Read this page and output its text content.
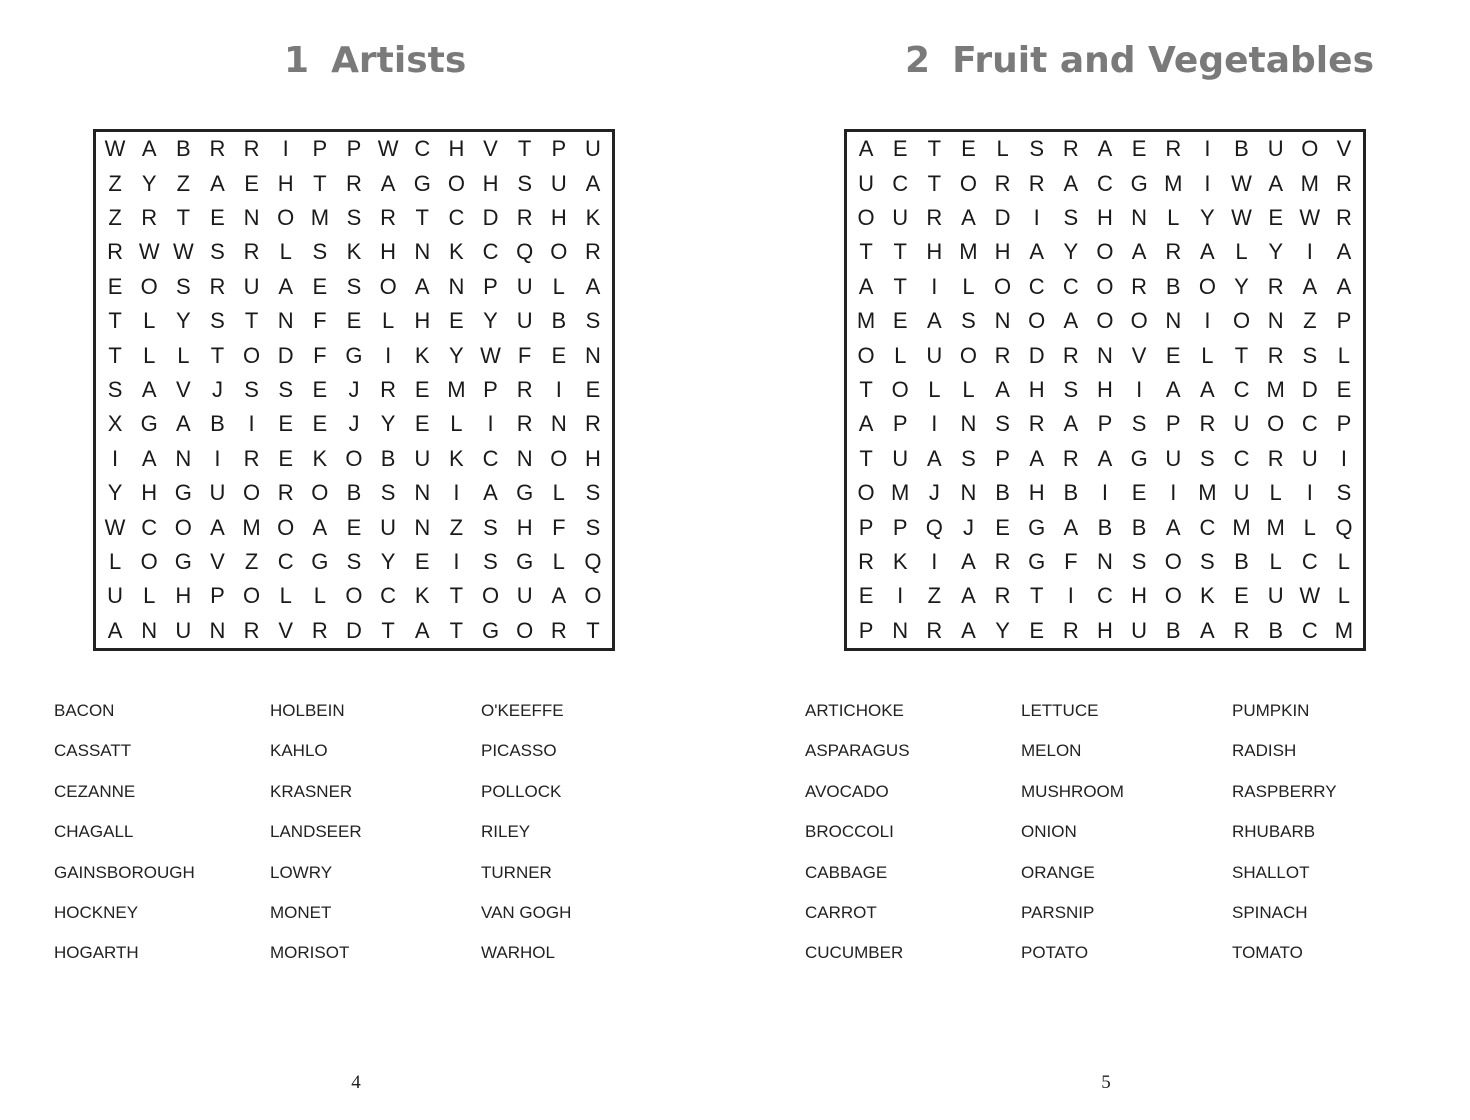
1 Artists
W A B R R	I	P P W C H V T P U
Z Y Z A E H T R A G O H S U A
Z R T E N O M S R T C D R H K
R W W S R L S K H N K C Q O R
E O S R U A E S O A N P U L A
T L Y S T N F E L H E Y U B S
T L L T O D F G	I	K Y W F E N
S A V J S S E J R E M P R	I	E
X G A B	I	E E J Y E L	I	R N R
I	A N	I	R E K O B U K C N O H
Y H G U O R O B S N	I	A G L S
W C O A M O A E U N Z S H F S
L O G V Z C G S Y E	I	S G L Q
U L H P O L L O C K T O U A O
A N U N R V R D T A T G O R T
BACON	HOLBEIN	O'KEEFFE
CASSATT	KAHLO	PICASSO
CEZANNE	KRASNER	POLLOCK
CHAGALL	LANDSEER	RILEY
GAINSBOROUGH	LOWRY	TURNER
HOCKNEY	MONET	VAN GOGH
HOGARTH	MORISOT	WARHOL
4
2 Fruit and Vegetables
A E T E L S R A E R	I	B U O V
U C T O R R A C G M I W A M R
O U R A D	I	S H N L Y W E W R
T T H M H A Y O A R A L Y	I	A
A T	I	L O C C O R B O Y R A A
M E A S N O A O O N	I	O N Z P
O L U O R D R N V E L T R S L
T O L L A H S H	I	A A C M D E
A P	I	N S R A P S P R U O C P
T U A S P A R A G U S C R U	I
O M J N B H B	I	E	I M U L	I	S
P P Q J E G A B B A C M M L Q
R K	I	A R G F N S O S B L C L
E	I	Z A R T	I	C H O K E U W L
P N R A Y E R H U B A R B C M
ARTICHOKE	LETTUCE	PUMPKIN
ASPARAGUS	MELON	RADISH
AVOCADO	MUSHROOM	RASPBERRY
BROCCOLI	ONION	RHUBARB
CABBAGE	ORANGE	SHALLOT
CARROT	PARSNIP	SPINACH
CUCUMBER	POTATO	TOMATO
5
